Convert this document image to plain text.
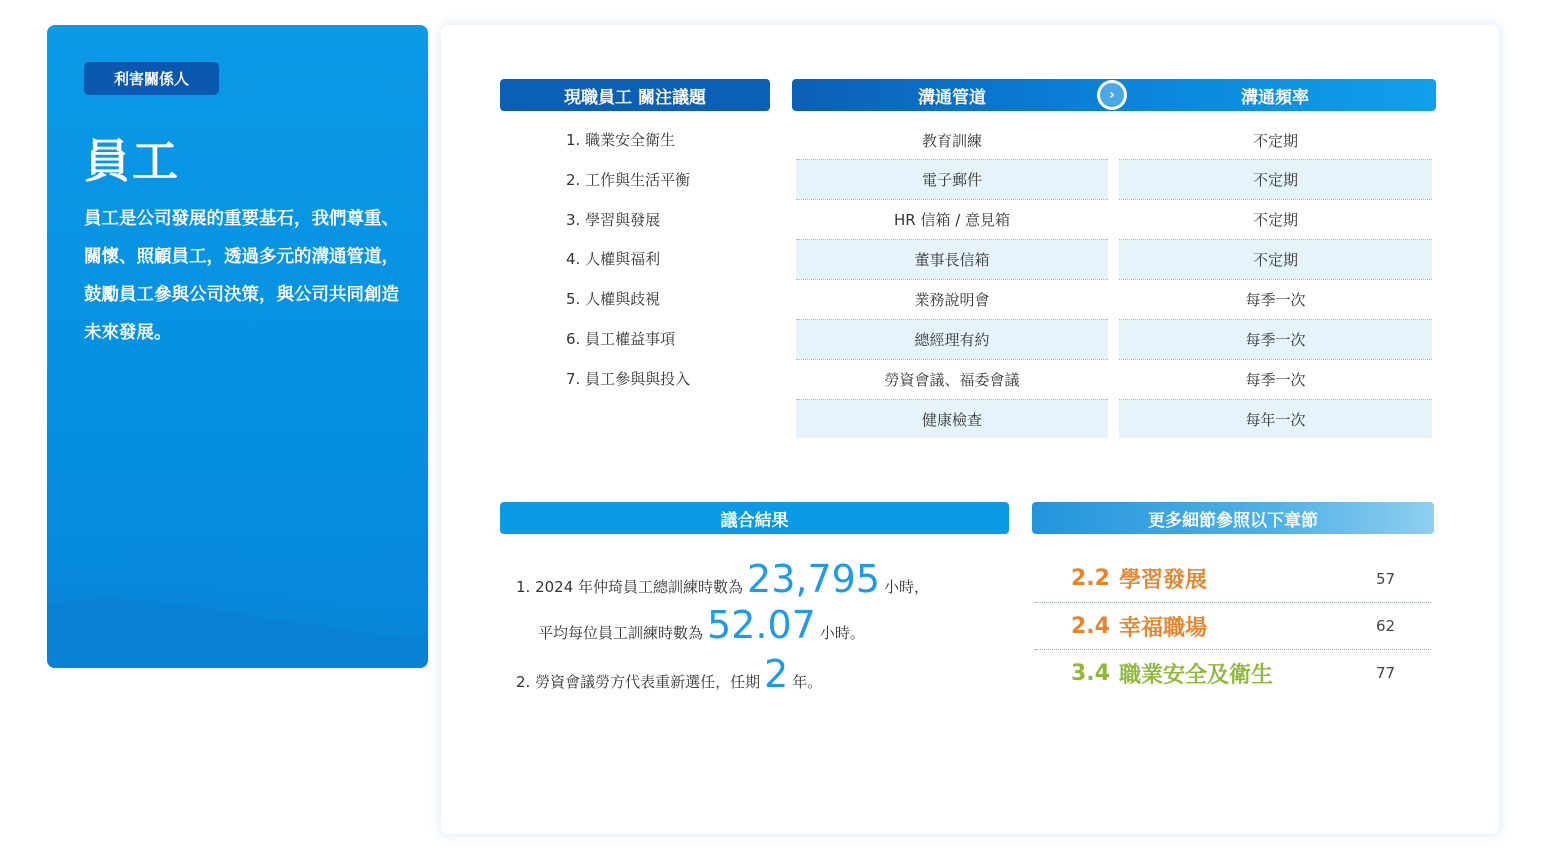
利害關係人
員工
員工是公司發展的重要基石，我們尊重、關懷、照顧員工，透過多元的溝通管道，鼓勵員工參與公司決策，與公司共同創造未來發展。
現職員工 關注議題	溝通管道	›	溝通頻率
1. 職業安全衛生
2. 工作與生活平衡
3. 學習與發展
4. 人權與福利
5. 人權與歧視
6. 員工權益事項
7. 員工參與與投入
教育訓練	不定期
電子郵件	不定期
HR 信箱 / 意見箱	不定期
董事長信箱	不定期
業務說明會	每季一次
總經理有約	每季一次
勞資會議、福委會議	每季一次
健康檢查	每年一次
議合結果
1. 2024 年仲琦員工總訓練時數為 23,795 小時，
平均每位員工訓練時數為 52.07 小時。
2. 勞資會議勞方代表重新選任，任期 2 年。
更多細節參照以下章節
2.2 學習發展	57
2.4 幸福職場	62
3.4 職業安全及衛生	77
